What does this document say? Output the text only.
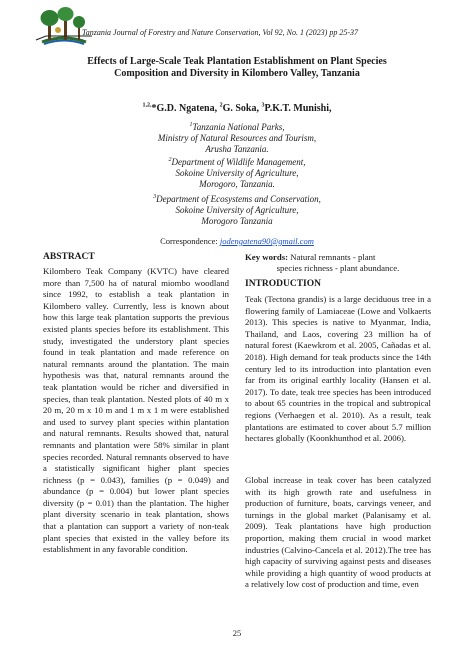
Tanzania Journal of Forestry and Nature Conservation, Vol 92, No. 1 (2023) pp 25-37
Effects of Large-Scale Teak Plantation Establishment on Plant Species
Composition and Diversity in Kilombero Valley, Tanzania
$^{1,2,}$*G.D. Ngatena, $^2$G. Soka, $^3$P.K.T. Munishi,
$^1$Tanzania National Parks,
Ministry of Natural Resources and Tourism,
Arusha Tanzania.
$^2$Department of Wildlife Management,
Sokoine University of Agriculture,
Morogoro, Tanzania.
$^3$Department of Ecosystems and Conservation,
Sokoine University of Agriculture,
Morogoro Tanzania
Correspondence: jodengatena90@gmail.com
ABSTRACT

Kilombero Teak Company (KVTC) have cleared more than 7,500 ha of natural miombo woodland since 1992, to establish a teak plantation in Kilombero valley. Currently, less is known about how this large teak plantation supports the previous existed plants species before its establishment. This study, investigated the understory plant species found in teak plantation and made reference on natural remnants around the plantation. The main hypothesis was that, natural remnants around the teak plantation would be richer and diversified in species, than teak plantation. Nested plots of 40 m x 20 m, 20 m x 10 m and 1 m x 1 m were established and used to survey plant species within plantation and natural remnants. Results showed that, natural remnants and plantation were 58% similar in plant species recorded. Natural remnants observed to have a statistically significant higher plant species richness (p = 0.043), families (p = 0.049) and abundance (p = 0.004) but lower plant species diversity (p = 0.01) than the plantation. The higher plant diversity scenario in teak plantation, shows that a plantation can support a variety of non-teak plant species that existed in the valley before its establishment in any favorable condition.

Key words: Natural remnants - plant
species richness - plant abundance.
INTRODUCTION

Teak (Tectona grandis) is a large deciduous tree in a flowering family of Lamiaceae (Lowe and Volkaerts 2013). This species is native to Myanmar, India, Thailand, and Laos, covering 23 million ha of natural forest (Kaewkrom et al. 2005, Cañadas et al. 2018). High demand for teak products since the 14th century led to its introduction into plantation even far from its original earthly locality (Hansen et al. 2017). To date, teak tree species has been introduced to about 65 countries in the tropical and subtropical regions (Verhaegen et al. 2010). As a result, teak plantations are estimated to cover about 5.7 million hectares globally (Koonkhunthod et al. 2006).

Global increase in teak cover has been catalyzed with its high growth rate and usefulness in production of furniture, boats, carvings veneer, and turnings in the global market (Palanisamy et al. 2009). Teak plantations have high production proportion, making them crucial in wood market industries (Calvino-Cancela et al. 2012).The tree has high capacity of surviving against pests and diseases while providing a high quantity of wood products at a relatively low cost of production and time, even

25
